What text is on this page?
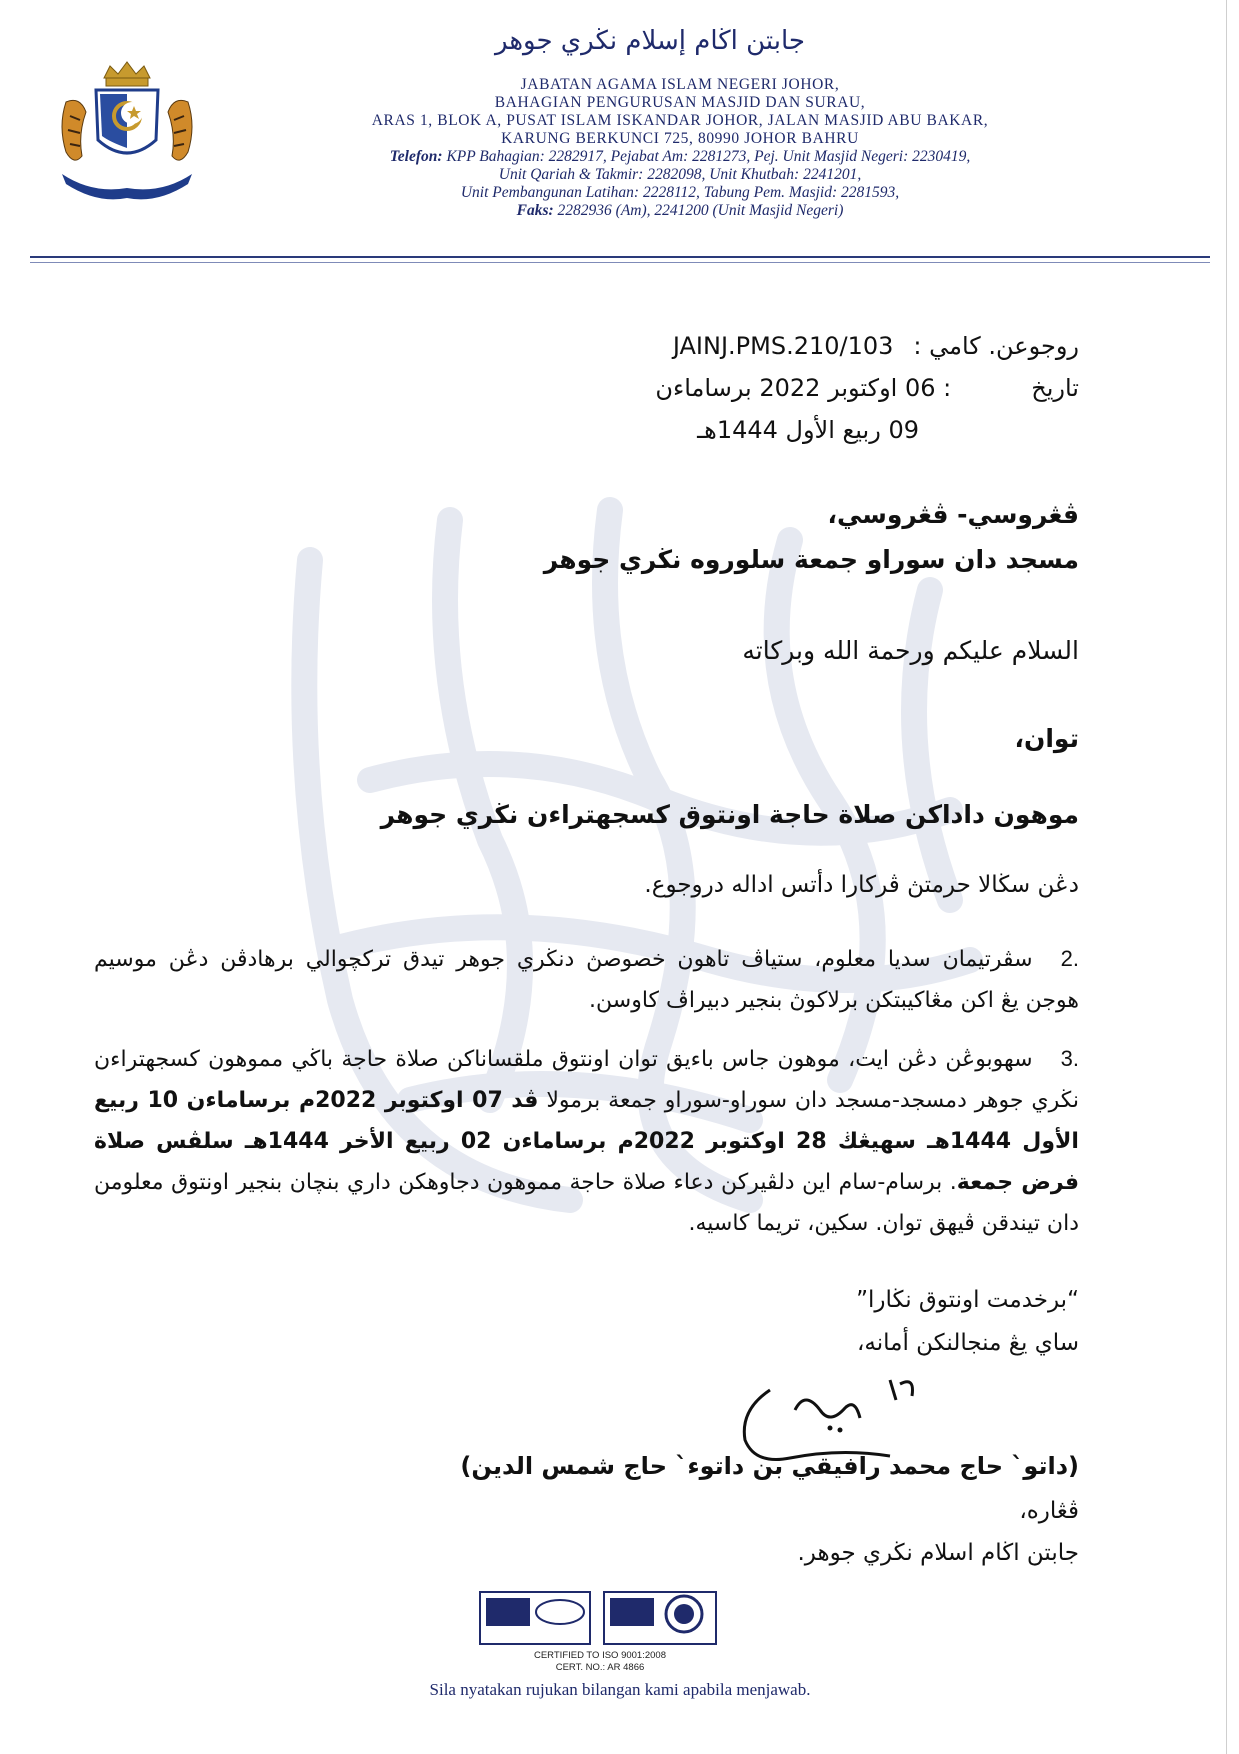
جابتن اڬام إسلام نڬري جوهر
JABATAN AGAMA ISLAM NEGERI JOHOR,
BAHAGIAN PENGURUSAN MASJID DAN SURAU,
ARAS 1, BLOK A, PUSAT ISLAM ISKANDAR JOHOR, JALAN MASJID ABU BAKAR,
KARUNG BERKUNCI 725, 80990 JOHOR BAHRU
Telefon: KPP Bahagian: 2282917, Pejabat Am: 2281273, Pej. Unit Masjid Negeri: 2230419,
Unit Qariah & Takmir: 2282098, Unit Khutbah: 2241201,
Unit Pembangunan Latihan: 2228112, Tabung Pem. Masjid: 2281593,
Faks: 2282936 (Am), 2241200 (Unit Masjid Negeri)
روجوعن. كامي :JAINJ.PMS.210/103
تاريخ: 06 اوكتوبر 2022 برساماءن
09 ربيع الأول 1444هـ
ڤڠروسي- ڤڠروسي،
مسجد دان سوراو جمعة سلوروه نڬري جوهر
السلام عليكم ورحمة الله وبركاته
توان،
موهون داداكن صلاة حاجة اونتوق كسجهتراءن نڬري جوهر
دڠن سڬالا حرمتڽ ڤركارا دأتس اداله دروجوع.
.2سڤرتيمان سديا معلوم، ستياڤ تاهون خصوصڽ دنڬري جوهر تيدق تركچوالي برهادڤن دڠن موسيم هوجن يڠ اكن مڠاكيبتكن برلاكوڽ بنجير دبيراڤ كاوسن.
.3سهوبوڠن دڠن ايت، موهون جاس باءيق توان اونتوق ملقساناكن صلاة حاجة باڬي مموهون كسجهتراءن نڬري جوهر دمسجد-مسجد دان سوراو-سوراو جمعة برمولا ڤد 07 اوكتوبر 2022م برساماءن 10 ربيع الأول 1444هـ سهيڠڬ 28 اوكتوبر 2022م برساماءن 02 ربيع الأخر 1444هـ سلڤس صلاة فرض جمعة. برسام-سام اين دلڤيركن دعاء صلاة حاجة مموهون دجاوهكن داري بنچان بنجير اونتوق معلومن دان تيندقن ڤيهق توان. سكين، تريما كاسيه.
“برخدمت اونتوق نڬارا”
ساي يڠ منجالنكن أمانه،
(داتو` حاج محمد رافيقي بن داتوء` حاج شمس الدين)
ڤڠاره،
جابتن اڬام اسلام نڬري جوهر.
CERTIFIED TO ISO 9001:2008
CERT. NO.: AR 4866
Sila nyatakan rujukan bilangan kami apabila menjawab.
